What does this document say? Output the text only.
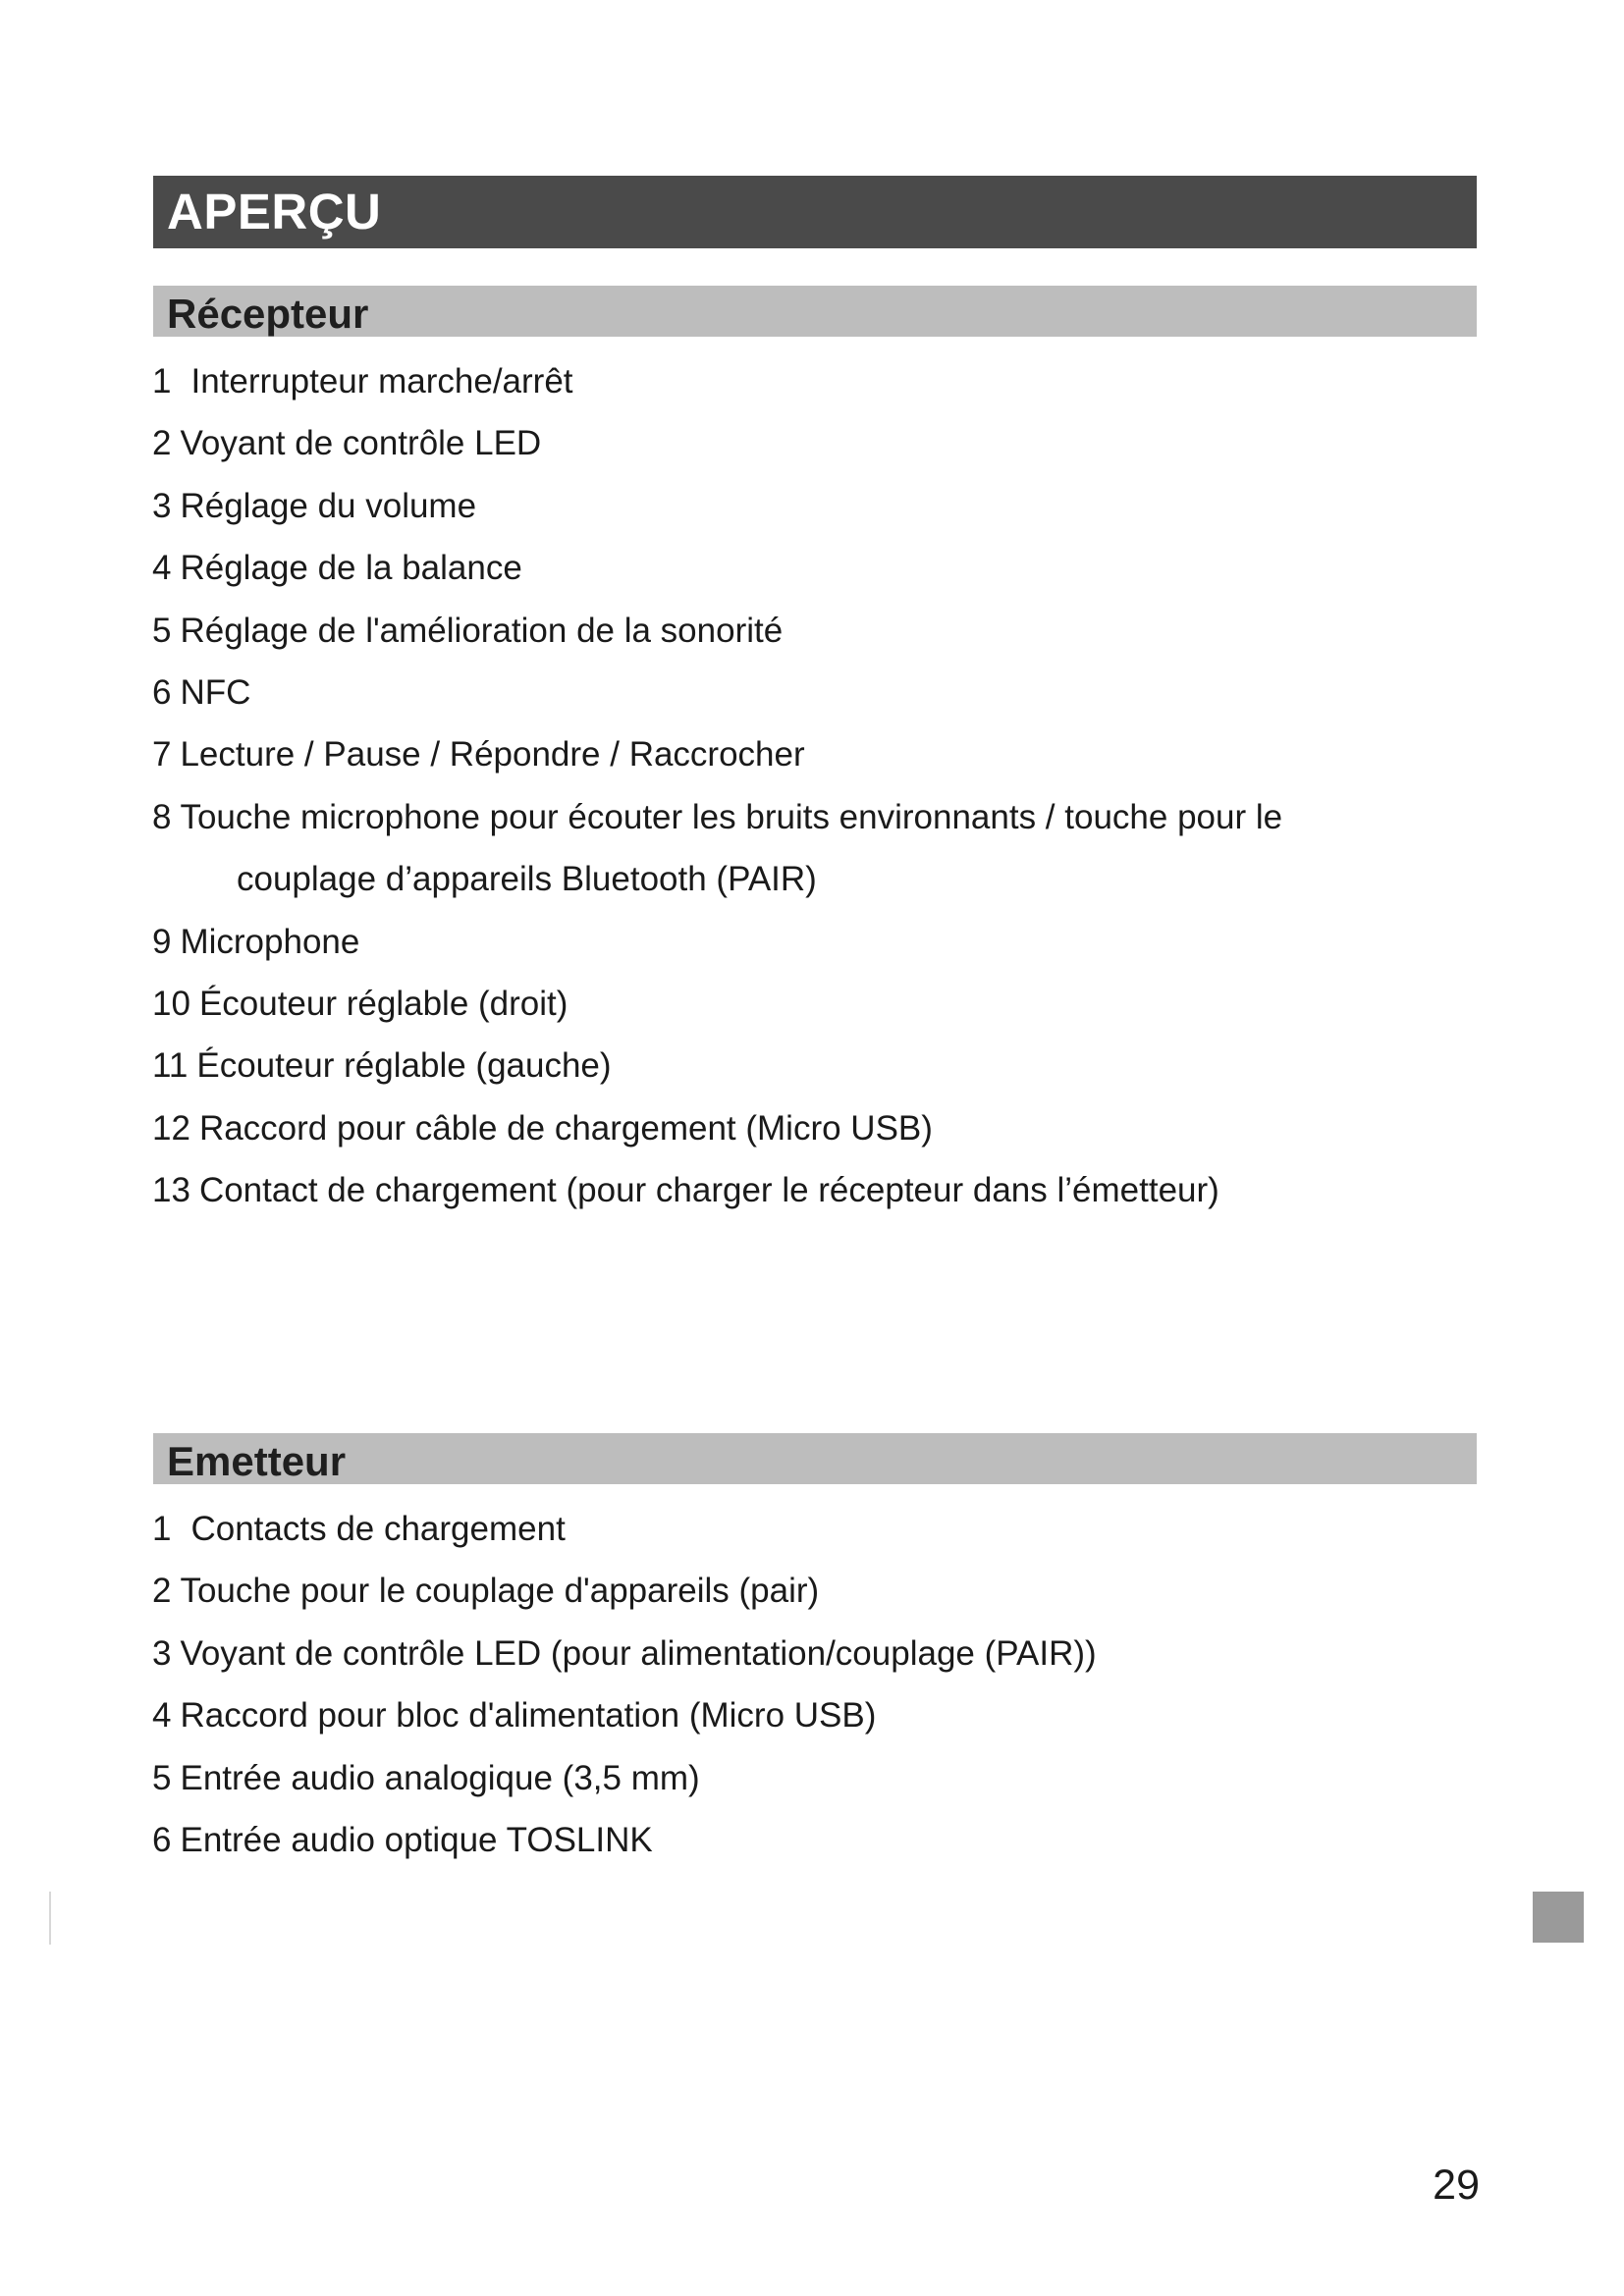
APERÇU
Récepteur
1 Interrupteur marche/arrêt
2 Voyant de contrôle LED
3 Réglage du volume
4 Réglage de la balance
5 Réglage de l'amélioration de la sonorité
6 NFC
7 Lecture / Pause / Répondre / Raccrocher
8 Touche microphone pour écouter les bruits environnants / touche pour le
couplage d’appareils Bluetooth (PAIR)
9 Microphone
10 Écouteur réglable (droit)
11 Écouteur réglable (gauche)
12 Raccord pour câble de chargement (Micro USB)
13 Contact de chargement (pour charger le récepteur dans l’émetteur)
Emetteur
1 Contacts de chargement
2 Touche pour le couplage d'appareils (pair)
3 Voyant de contrôle LED (pour alimentation/couplage (PAIR))
4 Raccord pour bloc d'alimentation (Micro USB)
5 Entrée audio analogique (3,5 mm)
6 Entrée audio optique TOSLINK
29
